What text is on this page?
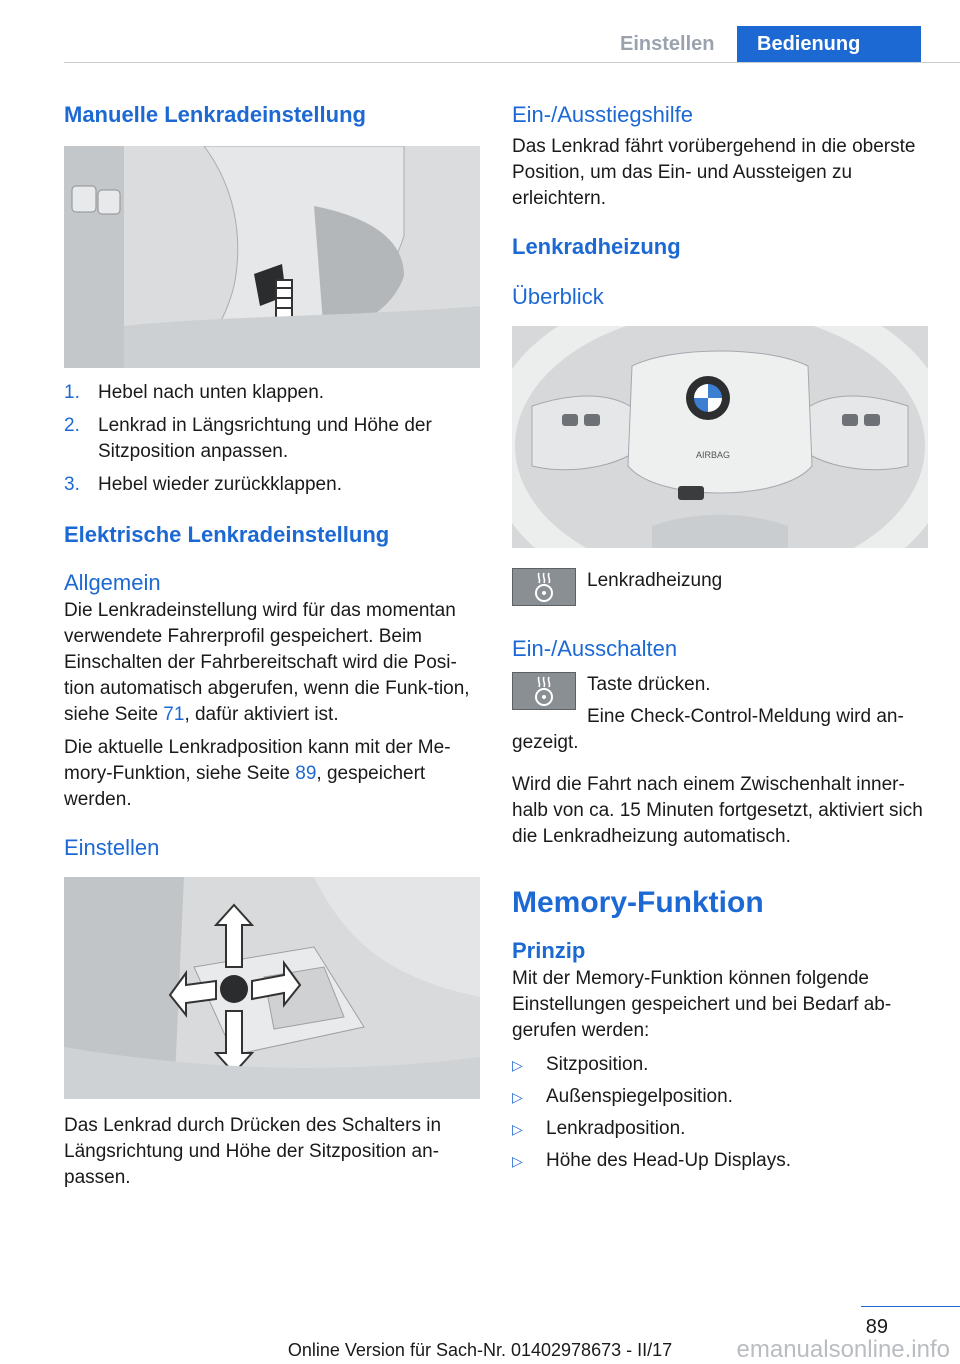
Einstellen	Bedienung
Manuelle Lenkradeinstellung
1. Hebel nach unten klappen.
2. Lenkrad in Längsrichtung und Höhe der Sitzposition anpassen.
3. Hebel wieder zurückklappen.
Elektrische Lenkradeinstellung
Allgemein

Die Lenkradeinstellung wird für das momentan verwendete Fahrerprofil gespeichert. Beim Einschalten der Fahrbereitschaft wird die Posi-tion automatisch abgerufen, wenn die Funk-tion, siehe Seite 71, dafür aktiviert ist.

Die aktuelle Lenkradposition kann mit der Me-mory-Funktion, siehe Seite 89, gespeichert werden.

Einstellen

Das Lenkrad durch Drücken des Schalters in Längsrichtung und Höhe der Sitzposition an-passen.

Ein-/Ausstiegshilfe

Das Lenkrad fährt vorübergehend in die oberste Position, um das Ein- und Aussteigen zu erleichtern.

Lenkradheizung
Überblick
AIRBAG

Lenkradheizung

Ein-/Ausschalten

Taste drücken.

Eine Check-Control-Meldung wird an-gezeigt.

Wird die Fahrt nach einem Zwischenhalt inner-halb von ca. 15 Minuten fortgesetzt, aktiviert sich die Lenkradheizung automatisch.

Memory-Funktion
Prinzip

Mit der Memory-Funktion können folgende Einstellungen gespeichert und bei Bedarf ab-gerufen werden:

▷ Sitzposition.
▷ Außenspiegelposition.
▷ Lenkradposition.
▷ Höhe des Head-Up Displays.
89
emanualsonline.info
Online Version für Sach-Nr. 01402978673 - II/17
